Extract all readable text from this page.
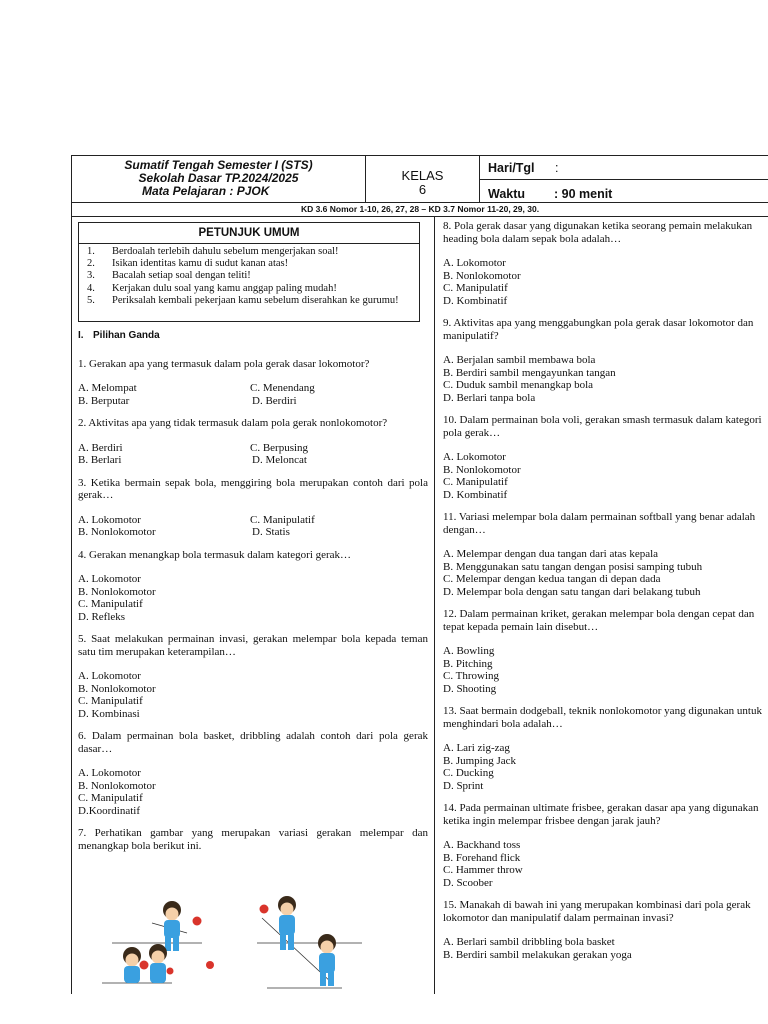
Sumatif Tengah Semester I (STS)
Sekolah Dasar TP.2024/2025
Mata Pelajaran : PJOK
KELAS
6
Hari/Tgl :
Waktu : 90 menit
KD 3.6 Nomor 1-10, 26, 27, 28 – KD 3.7 Nomor 11-20, 29, 30.
PETUNJUK UMUM
1.	Berdoalah terlebih dahulu sebelum mengerjakan soal!
2.	Isikan identitas kamu di sudut kanan atas!
3.	Bacalah setiap soal dengan teliti!
4.	Kerjakan dulu soal yang kamu anggap paling mudah!
5.	Periksalah kembali pekerjaan kamu sebelum diserahkan ke gurumu!
I. Pilihan Ganda
1. Gerakan apa yang termasuk dalam pola gerak dasar lokomotor?
A. Melompat	C. Menendang
B. Berputar	D. Berdiri
2. Aktivitas apa yang tidak termasuk dalam pola gerak nonlokomotor?
A. Berdiri	C. Berpusing
B. Berlari	D. Meloncat
3. Ketika bermain sepak bola, menggiring bola merupakan contoh dari pola gerak…
A. Lokomotor	C. Manipulatif
B. Nonlokomotor	D. Statis
4. Gerakan menangkap bola termasuk dalam kategori gerak…
A. Lokomotor
B. Nonlokomotor
C. Manipulatif
D. Refleks
5. Saat melakukan permainan invasi, gerakan melempar bola kepada teman satu tim merupakan keterampilan…
A. Lokomotor
B. Nonlokomotor
C. Manipulatif
D. Kombinasi
6. Dalam permainan bola basket, dribbling adalah contoh dari pola gerak dasar…
A. Lokomotor
B. Nonlokomotor
C. Manipulatif
D.Koordinatif
7. Perhatikan gambar yang merupakan variasi gerakan melempar dan menangkap bola berikut ini.
8. Pola gerak dasar yang digunakan ketika seorang pemain melakukan heading bola dalam sepak bola adalah…
A. Lokomotor
B. Nonlokomotor
C. Manipulatif
D. Kombinatif
9. Aktivitas apa yang menggabungkan pola gerak dasar lokomotor dan manipulatif?
A. Berjalan sambil membawa bola
B. Berdiri sambil mengayunkan tangan
C. Duduk sambil menangkap bola
D. Berlari tanpa bola
10. Dalam permainan bola voli, gerakan smash termasuk dalam kategori pola gerak…
A. Lokomotor
B. Nonlokomotor
C. Manipulatif
D. Kombinatif
11. Variasi melempar bola dalam permainan softball yang benar adalah dengan…
A. Melempar dengan dua tangan dari atas kepala
B. Menggunakan satu tangan dengan posisi samping tubuh
C. Melempar dengan kedua tangan di depan dada
D. Melempar bola dengan satu tangan dari belakang tubuh
12. Dalam permainan kriket, gerakan melempar bola dengan cepat dan tepat kepada pemain lain disebut…
A. Bowling
B. Pitching
C. Throwing
D. Shooting
13. Saat bermain dodgeball, teknik nonlokomotor yang digunakan untuk menghindari bola adalah…
A. Lari zig-zag
B. Jumping Jack
C. Ducking
D. Sprint
14. Pada permainan ultimate frisbee, gerakan dasar apa yang digunakan ketika ingin melempar frisbee dengan jarak jauh?
A. Backhand toss
B. Forehand flick
C. Hammer throw
D. Scoober
15. Manakah di bawah ini yang merupakan kombinasi dari pola gerak lokomotor dan manipulatif dalam permainan invasi?
A. Berlari sambil dribbling bola basket
B. Berdiri sambil melakukan gerakan yoga
